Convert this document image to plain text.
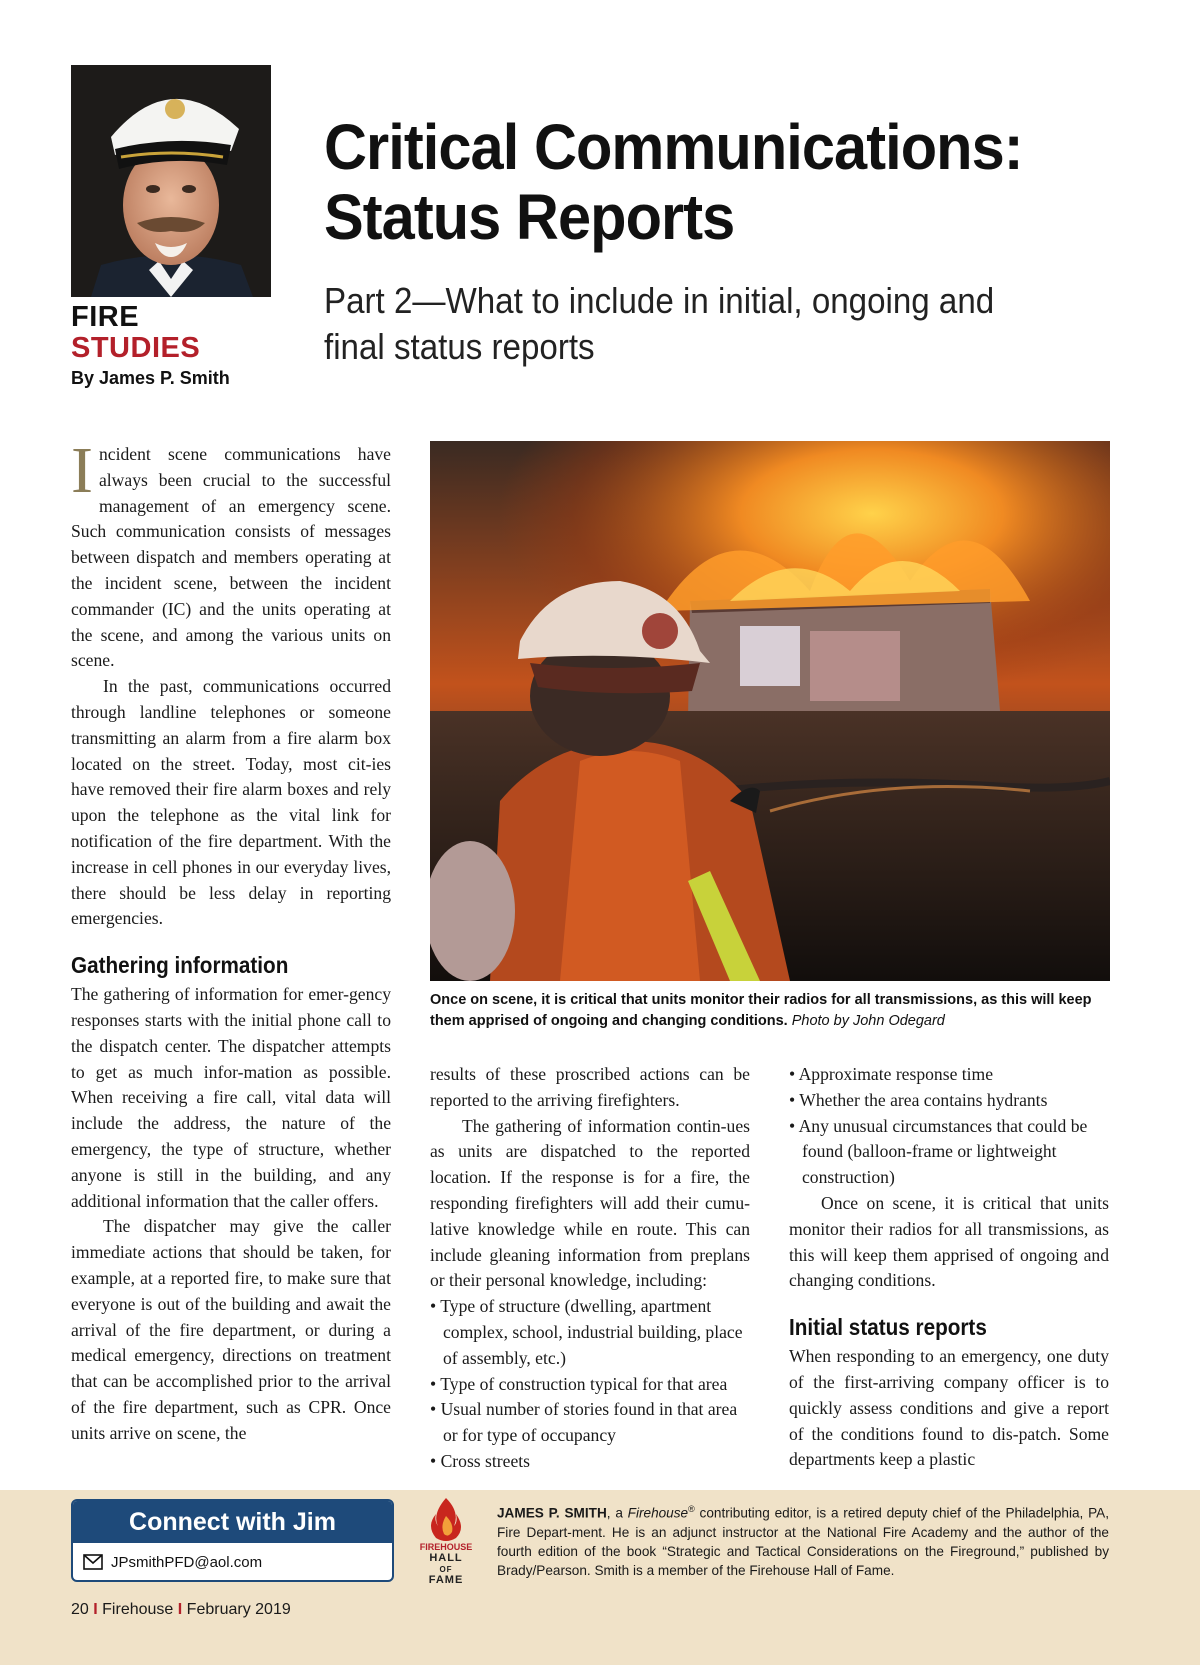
FIRE
STUDIES
By James P. Smith
Critical Communications:
Status Reports
Part 2—What to include in initial, ongoing and final status reports
Once on scene, it is critical that units monitor their radios for all transmissions, as this will keep them apprised of ongoing and changing conditions. Photo by John Odegard

Incident scene communications have always been crucial to the successful management of an emergency scene. Such communication consists of messages between dispatch and members operating at the incident scene, between the incident commander (IC) and the units operating at the scene, and among the various units on scene.

In the past, communications occurred through landline telephones or someone transmitting an alarm from a fire alarm box located on the street. Today, most cit-ies have removed their fire alarm boxes and rely upon the telephone as the vital link for notification of the fire department. With the increase in cell phones in our everyday lives, there should be less delay in reporting emergencies.

Gathering information

The gathering of information for emer-gency responses starts with the initial phone call to the dispatch center. The dispatcher attempts to get as much infor-mation as possible. When receiving a fire call, vital data will include the address, the nature of the emergency, the type of structure, whether anyone is still in the building, and any additional information that the caller offers.

The dispatcher may give the caller immediate actions that should be taken, for example, at a reported fire, to make sure that everyone is out of the building and await the arrival of the fire department, or during a medical emergency, directions on treatment that can be accomplished prior to the arrival of the fire department, such as CPR. Once units arrive on scene, the

results of these proscribed actions can be reported to the arriving firefighters.

The gathering of information contin-ues as units are dispatched to the reported location. If the response is for a fire, the responding firefighters will add their cumu-lative knowledge while en route. This can include gleaning information from preplans or their personal knowledge, including:

• Type of structure (dwelling, apartment complex, school, industrial building, place of assembly, etc.)
• Type of construction typical for that area
• Usual number of stories found in that area or for type of occupancy
• Cross streets
• Approximate response time
• Whether the area contains hydrants
• Any unusual circumstances that could be found (balloon-frame or lightweight construction)

Once on scene, it is critical that units monitor their radios for all transmissions, as this will keep them apprised of ongoing and changing conditions.

Initial status reports

When responding to an emergency, one duty of the first-arriving company officer is to quickly assess conditions and give a report of the conditions found to dis-patch. Some departments keep a plastic

Connect with Jim
JPsmithPFD@aol.com
FIREHOUSE
HALL
OF
FAME
JAMES P. SMITH, a Firehouse® contributing editor, is a retired deputy chief of the Philadelphia, PA, Fire Depart-ment. He is an adjunct instructor at the National Fire Academy and the author of the fourth edition of the book “Strategic and Tactical Considerations on the Fireground,” published by Brady/Pearson. Smith is a member of the Firehouse Hall of Fame.
20 I Firehouse I February 2019
